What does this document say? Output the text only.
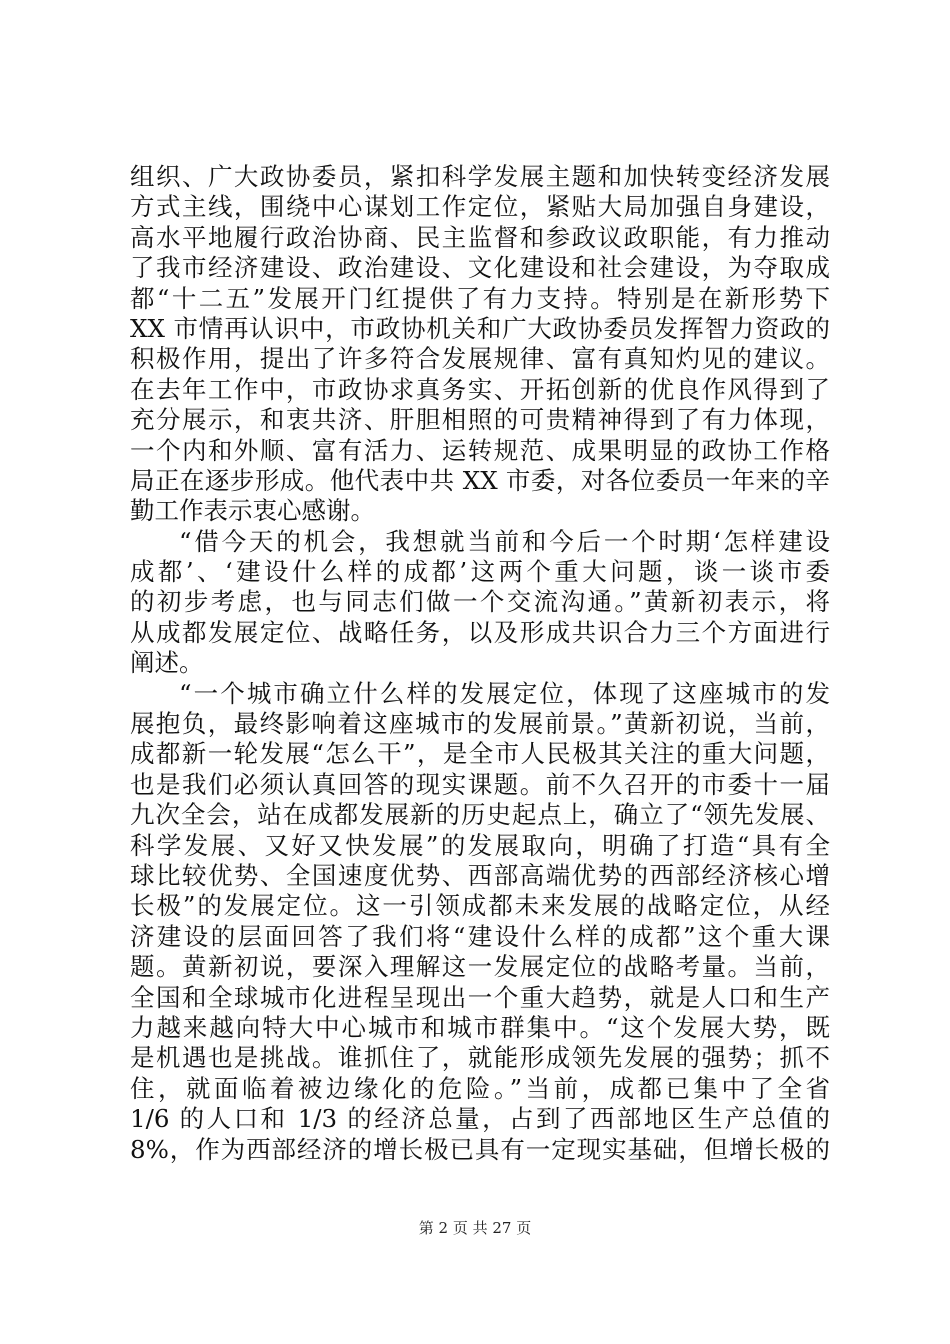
组织、广大政协委员，紧扣科学发展主题和加快转变经济发展
方式主线，围绕中心谋划工作定位，紧贴大局加强自身建设，
高水平地履行政治协商、民主监督和参政议政职能，有力推动
了我市经济建设、政治建设、文化建设和社会建设，为夺取成
都“十二五”发展开门红提供了有力支持。特别是在新形势下
XX 市情再认识中，市政协机关和广大政协委员发挥智力资政的
积极作用，提出了许多符合发展规律、富有真知灼见的建议。
在去年工作中，市政协求真务实、开拓创新的优良作风得到了
充分展示，和衷共济、肝胆相照的可贵精神得到了有力体现，
一个内和外顺、富有活力、运转规范、成果明显的政协工作格
局正在逐步形成。他代表中共 XX 市委，对各位委员一年来的辛
勤工作表示衷心感谢。
“借今天的机会，我想就当前和今后一个时期‘怎样建设
成都’、‘建设什么样的成都’这两个重大问题，谈一谈市委
的初步考虑，也与同志们做一个交流沟通。”黄新初表示，将
从成都发展定位、战略任务，以及形成共识合力三个方面进行
阐述。
“一个城市确立什么样的发展定位，体现了这座城市的发
展抱负，最终影响着这座城市的发展前景。”黄新初说，当前，
成都新一轮发展“怎么干”，是全市人民极其关注的重大问题，
也是我们必须认真回答的现实课题。前不久召开的市委十一届
九次全会，站在成都发展新的历史起点上，确立了“领先发展、
科学发展、又好又快发展”的发展取向，明确了打造“具有全
球比较优势、全国速度优势、西部高端优势的西部经济核心增
长极”的发展定位。这一引领成都未来发展的战略定位，从经
济建设的层面回答了我们将“建设什么样的成都”这个重大课
题。黄新初说，要深入理解这一发展定位的战略考量。当前，
全国和全球城市化进程呈现出一个重大趋势，就是人口和生产
力越来越向特大中心城市和城市群集中。“这个发展大势，既
是机遇也是挑战。谁抓住了，就能形成领先发展的强势；抓不
住，就面临着被边缘化的危险。”当前，成都已集中了全省
1/6 的人口和 1/3 的经济总量，占到了西部地区生产总值的
8%，作为西部经济的增长极已具有一定现实基础，但增长极的
第 2 页 共 27 页
